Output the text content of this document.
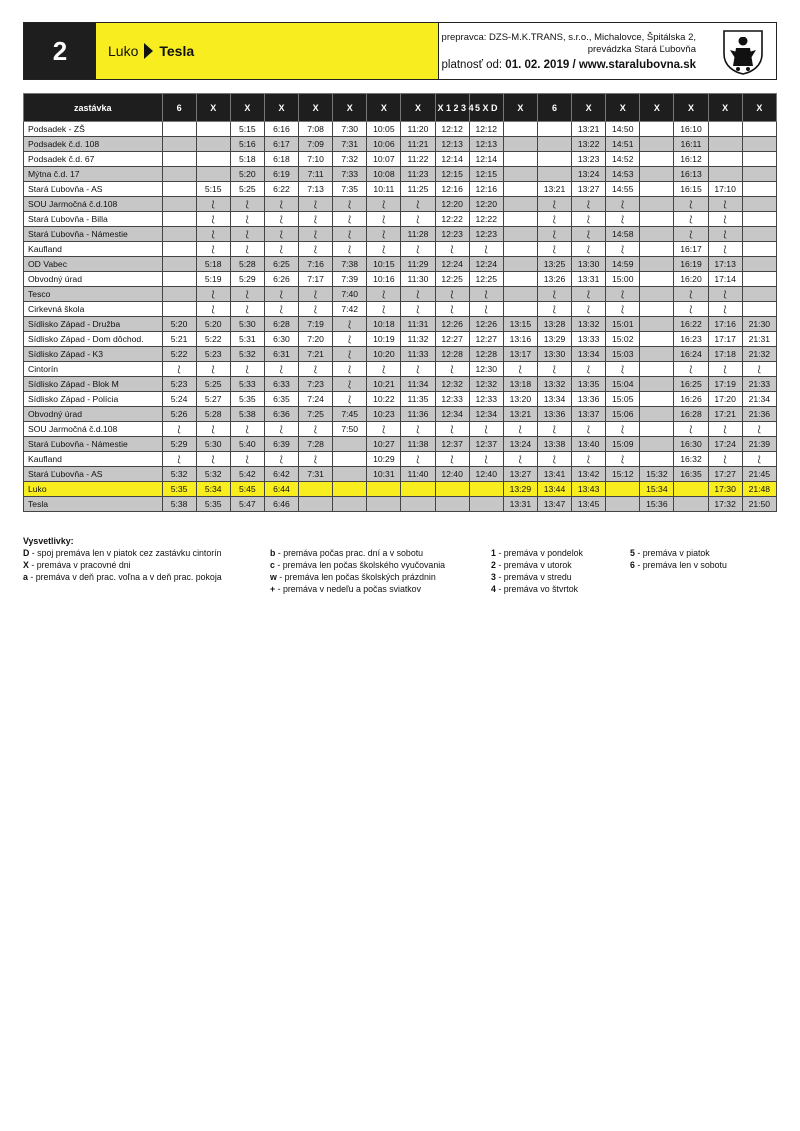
2	Luko Tesla
prepravca: DZS-M.K.TRANS, s.r.o., Michalovce, Špitálska 2,
prevádzka Stará Ľubovňa
platnosť od: 01. 02. 2019 / www.staralubovna.sk
zastávka	6	X	X	X	X	X	X	X	X 1 2 3 4	5 X D	X	6	X	X	X	X	X	X
Podsadek - ZŠ			5:15	6:16	7:08	7:30	10:05	11:20	12:12	12:12			13:21	14:50		16:10		
Podsadek č.d. 108			5:16	6:17	7:09	7:31	10:06	11:21	12:13	12:13			13:22	14:51		16:11		
Podsadek č.d. 67			5:18	6:18	7:10	7:32	10:07	11:22	12:14	12:14			13:23	14:52		16:12		
Mýtna č.d. 17			5:20	6:19	7:11	7:33	10:08	11:23	12:15	12:15			13:24	14:53		16:13		
Stará Ľubovňa - AS		5:15	5:25	6:22	7:13	7:35	10:11	11:25	12:16	12:16		13:21	13:27	14:55		16:15	17:10	
SOU Jarmočná č.d.108		⟅	⟅	⟅	⟅	⟅	⟅	⟅	12:20	12:20		⟅	⟅	⟅		⟅	⟅	
Stará Ľubovňa - Billa		⟅	⟅	⟅	⟅	⟅	⟅	⟅	12:22	12:22		⟅	⟅	⟅		⟅	⟅	
Stará Ľubovňa - Námestie		⟅	⟅	⟅	⟅	⟅	⟅	11:28	12:23	12:23		⟅	⟅	14:58		⟅	⟅	
Kaufland		⟅	⟅	⟅	⟅	⟅	⟅	⟅	⟅	⟅		⟅	⟅	⟅		16:17	⟅	
OD Vabec		5:18	5:28	6:25	7:16	7:38	10:15	11:29	12:24	12:24		13:25	13:30	14:59		16:19	17:13	
Obvodný úrad		5:19	5:29	6:26	7:17	7:39	10:16	11:30	12:25	12:25		13:26	13:31	15:00		16:20	17:14	
Tesco		⟅	⟅	⟅	⟅	7:40	⟅	⟅	⟅	⟅		⟅	⟅	⟅		⟅	⟅	
Cirkevná škola		⟅	⟅	⟅	⟅	7:42	⟅	⟅	⟅	⟅		⟅	⟅	⟅		⟅	⟅	
Sídlisko Západ - Družba	5:20	5:20	5:30	6:28	7:19	⟅	10:18	11:31	12:26	12:26	13:15	13:28	13:32	15:01		16:22	17:16	21:30
Sídlisko Západ - Dom dôchod.	5:21	5:22	5:31	6:30	7:20	⟅	10:19	11:32	12:27	12:27	13:16	13:29	13:33	15:02		16:23	17:17	21:31
Sídlisko Západ - K3	5:22	5:23	5:32	6:31	7:21	⟅	10:20	11:33	12:28	12:28	13:17	13:30	13:34	15:03		16:24	17:18	21:32
Cintorín	⟅	⟅	⟅	⟅	⟅	⟅	⟅	⟅	⟅	12:30	⟅	⟅	⟅	⟅		⟅	⟅	⟅
Sídlisko Západ - Blok M	5:23	5:25	5:33	6:33	7:23	⟅	10:21	11:34	12:32	12:32	13:18	13:32	13:35	15:04		16:25	17:19	21:33
Sídlisko Západ - Polícia	5:24	5:27	5:35	6:35	7:24	⟅	10:22	11:35	12:33	12:33	13:20	13:34	13:36	15:05		16:26	17:20	21:34
Obvodný úrad	5:26	5:28	5:38	6:36	7:25	7:45	10:23	11:36	12:34	12:34	13:21	13:36	13:37	15:06		16:28	17:21	21:36
SOU Jarmočná č.d.108	⟅	⟅	⟅	⟅	⟅	7:50	⟅	⟅	⟅	⟅	⟅	⟅	⟅	⟅		⟅	⟅	⟅
Stará Ľubovňa - Námestie	5:29	5:30	5:40	6:39	7:28		10:27	11:38	12:37	12:37	13:24	13:38	13:40	15:09		16:30	17:24	21:39
Kaufland	⟅	⟅	⟅	⟅	⟅		10:29	⟅	⟅	⟅	⟅	⟅	⟅	⟅		16:32	⟅	⟅
Stará Ľubovňa - AS	5:32	5:32	5:42	6:42	7:31		10:31	11:40	12:40	12:40	13:27	13:41	13:42	15:12	15:32	16:35	17:27	21:45
Luko	5:35	5:34	5:45	6:44							13:29	13:44	13:43		15:34		17:30	21:48
Tesla	5:38	5:35	5:47	6:46							13:31	13:47	13:45		15:36		17:32	21:50
Vysvetlivky:
D - spoj premáva len v piatok cez zastávku cintorín
X - premáva v pracovné dni
a - premáva v deň prac. voľna a v deň prac. pokoja

b - premáva počas prac. dní a v sobotu
c - premáva len počas školského vyučovania
w - premáva len počas školských prázdnin
+ - premáva v nedeľu a počas sviatkov

1 - premáva v pondelok
2 - premáva v utorok
3 - premáva v stredu
4 - premáva vo štvrtok

5 - premáva v piatok
6 - premáva len v sobotu
